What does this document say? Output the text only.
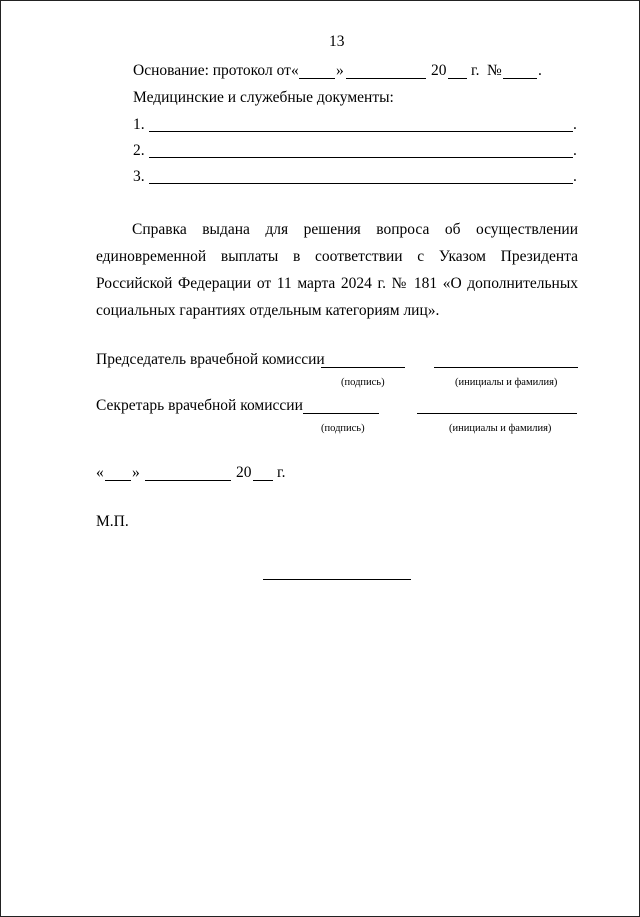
13
Основание: протокол от « »	20 г. № .
Медицинские и служебные документы:
1.	.
2.	.
3.	.
Справка выдана для решения вопроса об осуществлении единовременной выплаты в соответствии с Указом Президента Российской Федерации от 11 марта 2024 г. № 181 «О дополнительных социальных гарантиях отдельным категориям лиц».
Председатель врачебной комиссии
(подпись)	(инициалы и фамилия)
Секретарь врачебной комиссии
(подпись)	(инициалы и фамилия)
« »	20 г.
М.П.
